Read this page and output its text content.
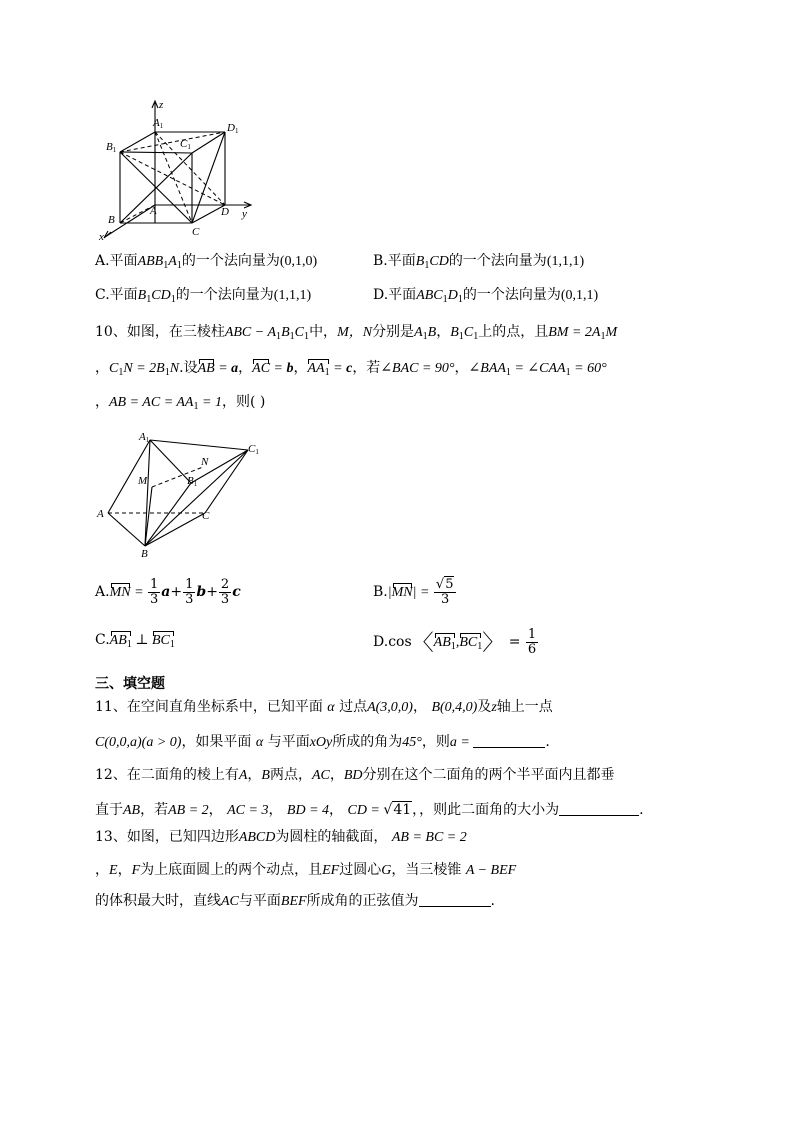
z
y
x
A1
B1	C1
D1
A
B
C
D
A.平面$ABB_1A_1$的一个法向量为(0,1,0)	B.平面$B_1CD$的一个法向量为(1,1,1)
C.平面$B_1CD_1$的一个法向量为(1,1,1)	D.平面$ABC_1D_1$的一个法向量为(0,1,1)
10、如图，在三棱柱ABC − $A_1B_1C_1$中，M，N分别是$A_1B$，$B_1C_1$上的点，且BM = $2A_1M$
，$C_1N = 2B_1N$.设AB = a，AC = b，$AA_1 = c$，若∠BAC = 90°，$\angle BAA_1$ = $\angle CAA_1 = 60^\circ$
，AB = AC = $AA_1 = 1$，则( )
A1
C1
N
M	B1
A	C
B
$A.MN = \frac{1}{3} a+ \frac{1}{3} b+ \frac{2}{3}$ c	$B.|MN| = \frac{√5}{3}$
$C.AB_1$ ⊥ $BC_1$	D.cos〈$AB_1,BC_1$〉 = $\frac{1}{6}$
三、填空题
11、在空间直角坐标系中，已知平面 α 过点A(3,0,0)， B(0,4,0)及z轴上一点
C(0,0,a)(a > 0)，如果平面 α 与平面xOy所成的角为45°，则a =	.
12、在二面角的棱上有A，B两点，AC，BD分别在这个二面角的两个半平面内且都垂
直于AB，若AB = 2， AC = 3， BD = 4， CD = √41，，则此二面角的大小为	.
13、如图，已知四边形ABCD为圆柱的轴截面， AB = BC = 2
，E，F为上底面圆上的两个动点，且EF过圆心G，当三棱锥 A − BEF
的体积最大时，直线AC与平面BEF所成角的正弦值为	.
